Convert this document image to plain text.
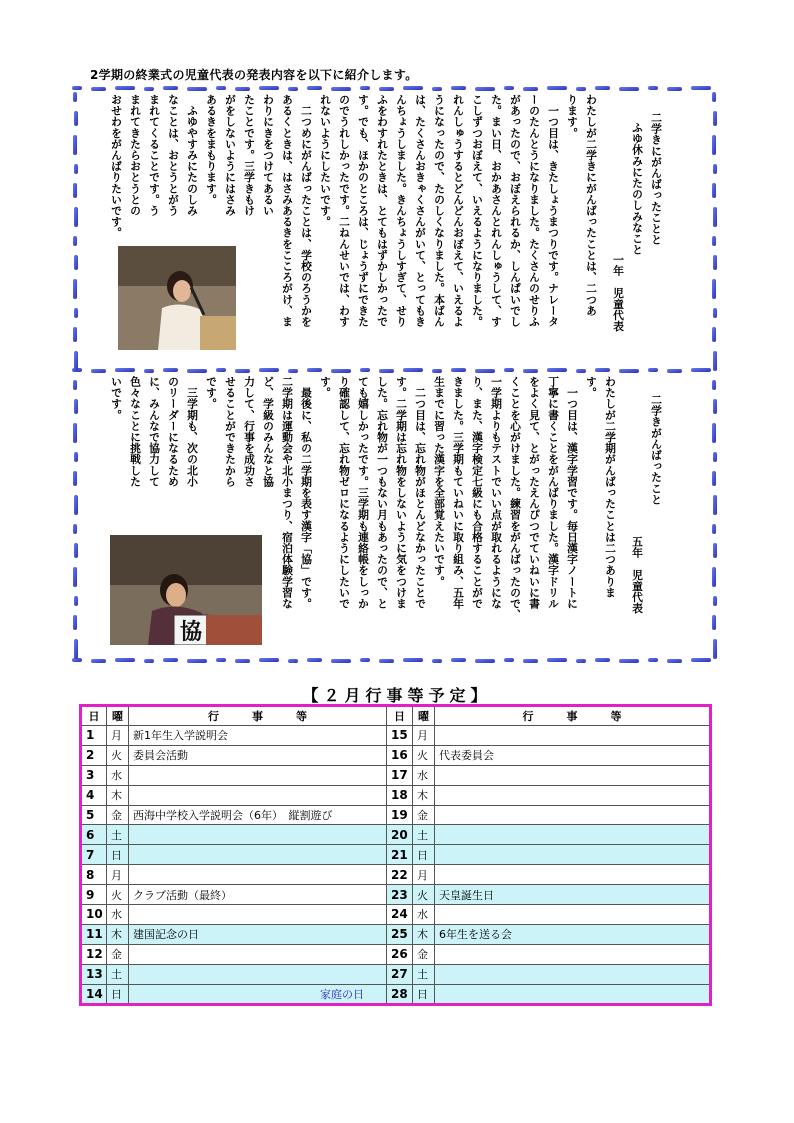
2学期の終業式の児童代表の発表内容を以下に紹介します。

二学きにがんばったことと
ふゆ休みにたのしみなこと
一年　児童代表
わたしが二学きにがんばったことは、二つあ
ります。
　一つ目は、きたしょうまつりです。ナレータ
ーのたんとうになりました。たくさんのせりふ
があったので、おぼえられるか、しんぱいでし
た。まい日、おかあさんとれんしゅうして、す
こしずつおぼえて、いえるようになりました。
れんしゅうするとどんどんおぼえて、いえるよ
うになったので、たのしくなりました。本ばん
は、たくさんおきゃくさんがいて、とってもき
んちょうしました。きんちょうしすぎて、せり
ふをわすれたときは、とてもはずかしかったで
す。でも、ほかのところは、じょうずにできた
のでうれしかったです。二ねんせいでは、わす
れないようにしたいです。
　二つめにがんばったことは、学校のろうかを
あるくときは、はさみあるきをこころがけ、ま
わりにきをつけてあるい
たことです。三学きもけ
がをしないようにはさみ
あるきをまもります。
　ふゆやすみにたのしみ
なことは、おとうとがう
まれてくることです。う
まれてきたらおとうとの
おせわをがんばりたいです。

二学きがんばったこと
五年　児童代表
わたしが二学期がんばったことは二つありま
す。
　一つ目は、漢字学習です。毎日漢字ノートに
丁寧に書くことをがんばりました。漢字ドリル
をよく見て、とがったえんぴつでていねいに書
くことを心がけました。練習をがんばったので、
一学期よりもテストでいい点が取れるようにな
り、また、漢字検定七級にも合格することがで
きました。三学期もていねいに取り組み、五年
生までに習った漢字を全部覚えたいです。
　二つ目は、忘れ物がほとんどなかったことで
す。二学期は忘れ物をしないように気をつけま
した。忘れ物が一つもない月もあったので、と
ても嬉しかったです。三学期も連絡帳をしっか
り確認して、忘れ物ゼロになるようにしたいで
す。
　最後に、私の二学期を表す漢字「協」です。
二学期は運動会や北小まつり、宿泊体験学習な
ど、学級のみんなと協
力して、行事を成功さ
せることができたから
です。
　三学期も、次の北小
のリーダーになるため
に、みんなで協力して
色々なことに挑戦した
いです。

協
【２月行事等予定】
日	曜	行　　　事　　　等	日	曜	行　　　事　　　等
1	月	新1年生入学説明会	15	月	
2	火	委員会活動	16	火	代表委員会
3	水		17	水	
4	木		18	木	
5	金	西海中学校入学説明会（6年）　縦割遊び	19	金	
6	土		20	土	
7	日		21	日	
8	月		22	月	
9	火	クラブ活動（最終）	23	火	天皇誕生日
10	水		24	水	
11	木	建国記念の日	25	木	6年生を送る会
12	金		26	金	
13	土		27	土	
14	日	家庭の日	28	日	
